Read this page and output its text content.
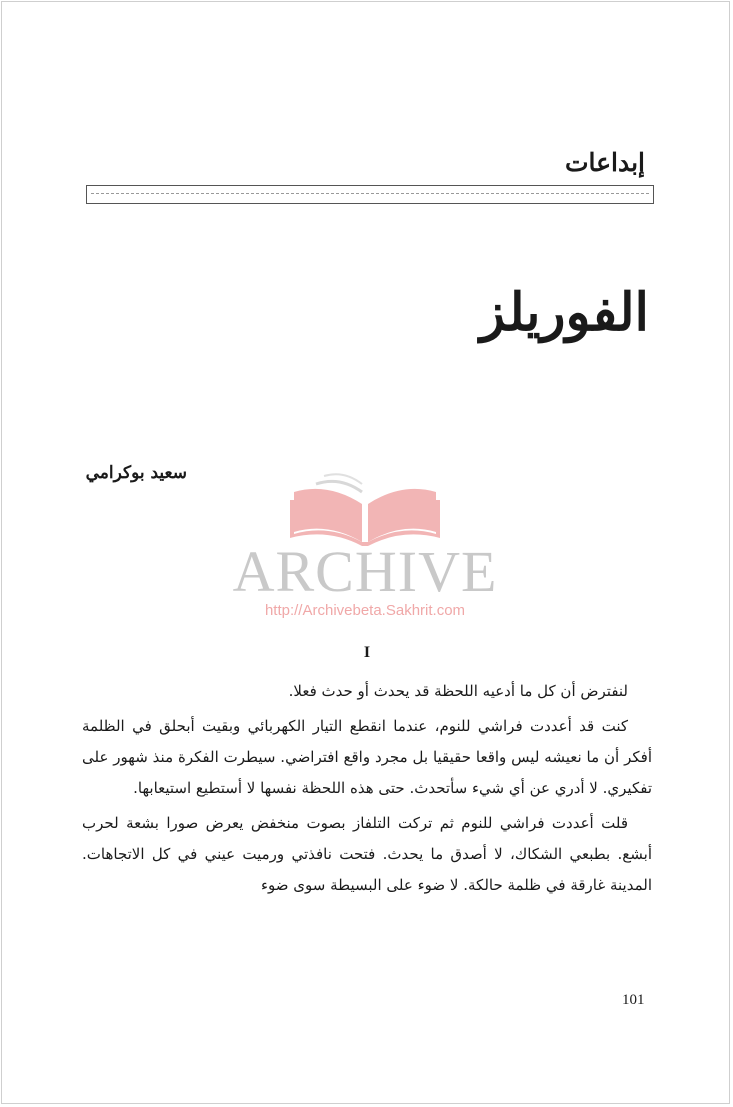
إبداعات
الفوريلز
سعيد بوكرامي
ARCHIVE
http://Archivebeta.Sakhrit.com
I

لنفترض أن كل ما أدعيه اللحظة قد يحدث أو حدث فعلا.

كنت قد أعددت فراشي للنوم، عندما انقطع التيار الكهربائي وبقيت أبحلق في الظلمة أفكر أن ما نعيشه ليس واقعا حقيقيا بل مجرد واقع افتراضي. سيطرت الفكرة منذ شهور على تفكيري. لا أدري عن أي شيء سأتحدث. حتى هذه اللحظة نفسها لا أستطيع استيعابها.

قلت أعددت فراشي للنوم ثم تركت التلفاز بصوت منخفض يعرض صورا بشعة لحرب أبشع. بطبعي الشكاك، لا أصدق ما يحدث. فتحت نافذتي ورميت عيني في كل الاتجاهات. المدينة غارقة في ظلمة حالكة. لا ضوء على البسيطة سوى ضوء

101
